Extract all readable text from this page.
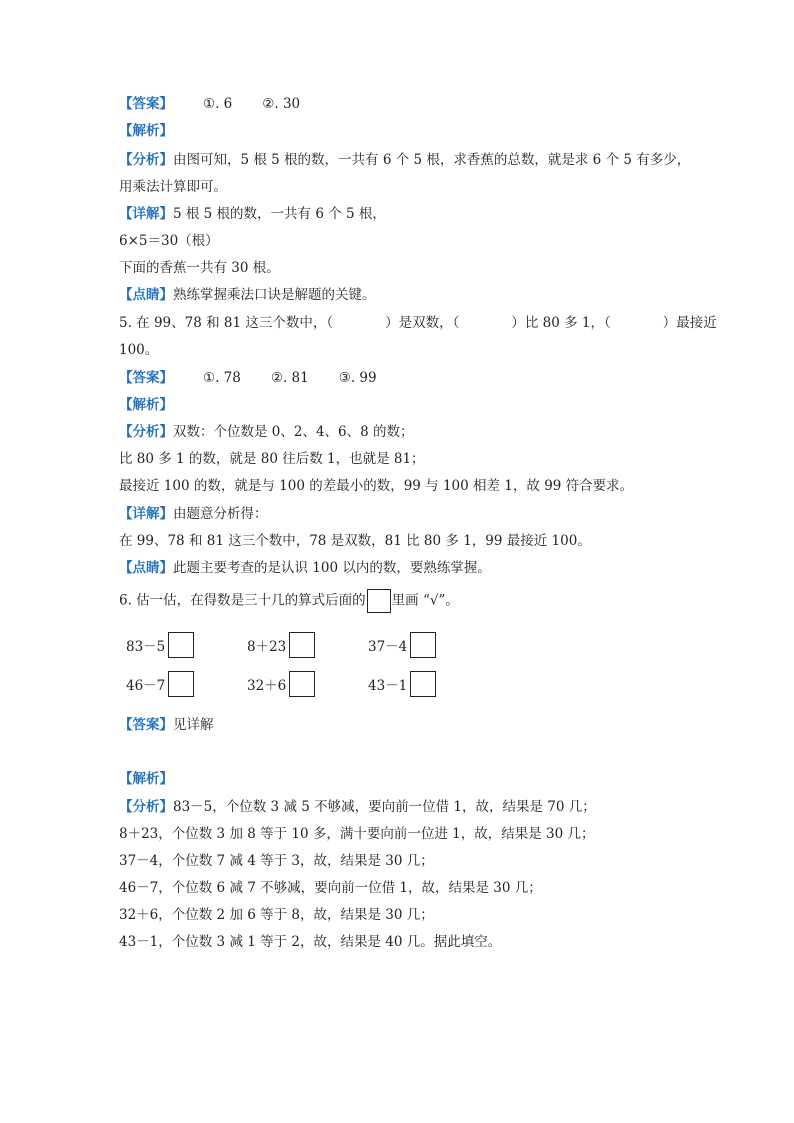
【答案】 ①. 6 ②. 30
【解析】
【分析】由图可知，5 根 5 根的数，一共有 6 个 5 根，求香蕉的总数，就是求 6 个 5 有多少，
用乘法计算即可。
【详解】5 根 5 根的数，一共有 6 个 5 根，
6×5＝30（根）
下面的香蕉一共有 30 根。
【点睛】熟练掌握乘法口诀是解题的关键。
5. 在 99、78 和 81 这三个数中，（	）是双数，（	）比 80 多 1，（	）最接近
100。
【答案】 ①. 78 ②. 81 ③. 99
【解析】
【分析】双数：个位数是 0、2、4、6、8 的数；
比 80 多 1 的数，就是 80 往后数 1，也就是 81；
最接近 100 的数，就是与 100 的差最小的数，99 与 100 相差 1，故 99 符合要求。
【详解】由题意分析得：
在 99、78 和 81 这三个数中，78 是双数，81 比 80 多 1，99 最接近 100。
【点睛】此题主要考查的是认识 100 以内的数，要熟练掌握。
6. 估一估，在得数是三十几的算式后面的 里画 “√”。
83－5	8＋23	37－4
46－7	32＋6	43－1
【答案】见详解
【解析】
【分析】83－5，个位数 3 减 5 不够减，要向前一位借 1，故，结果是 70 几；
8＋23，个位数 3 加 8 等于 10 多，满十要向前一位进 1，故，结果是 30 几；
37－4，个位数 7 减 4 等于 3，故，结果是 30 几；
46－7，个位数 6 减 7 不够减，要向前一位借 1，故，结果是 30 几；
32＋6，个位数 2 加 6 等于 8，故，结果是 30 几；
43－1，个位数 3 减 1 等于 2，故，结果是 40 几。据此填空。
